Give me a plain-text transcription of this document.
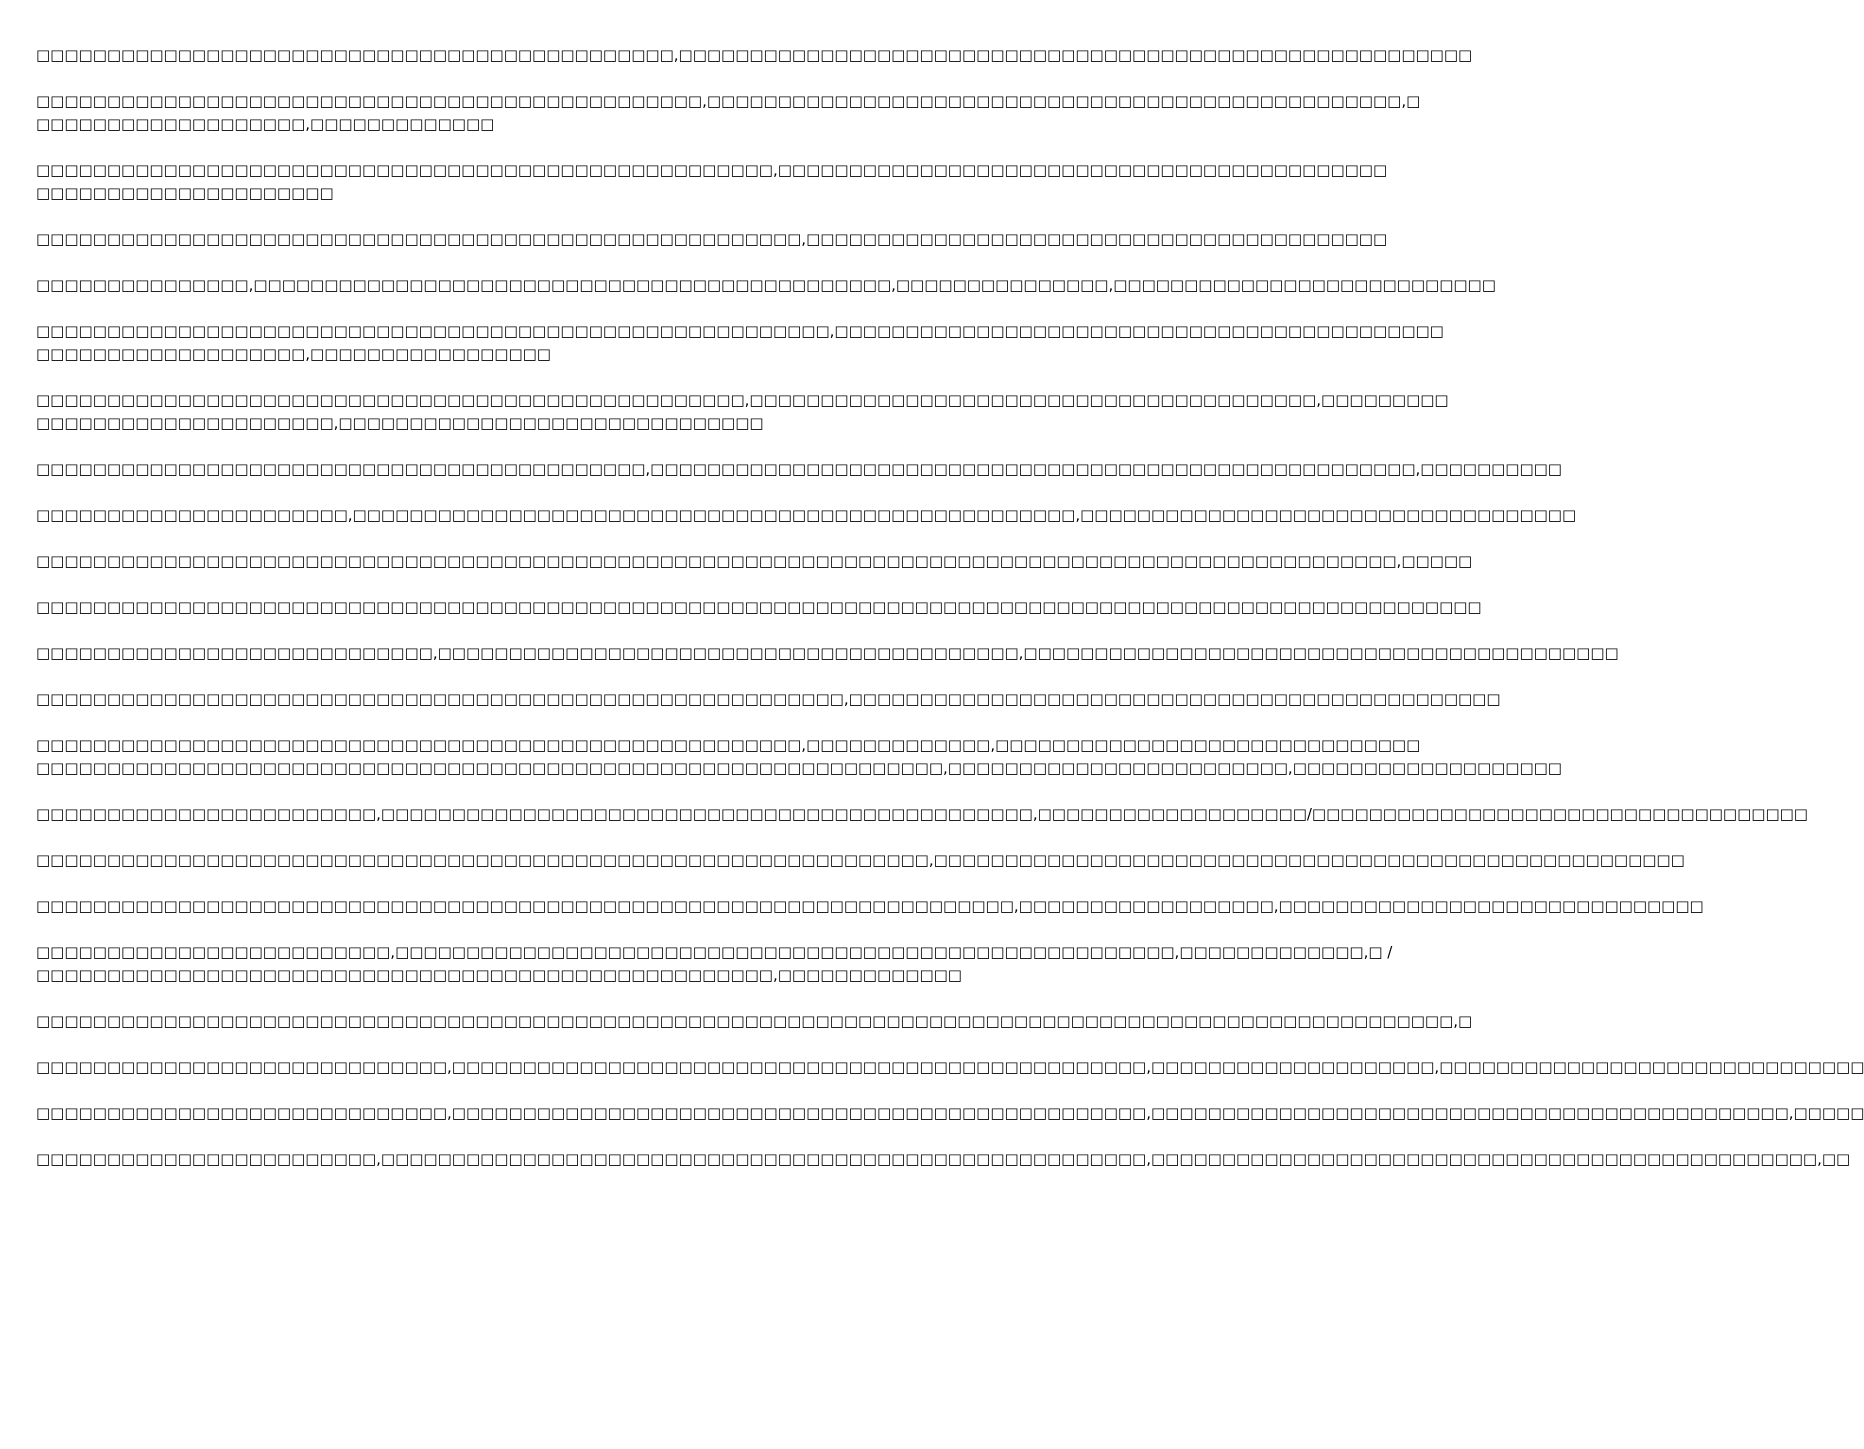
□□□□□□□□□□□□□□□□□□□□□□□□□□□□□□□□□□□□□□□□□□□□□,□□□□□□□□□□□□□□□□□□□□□□□□□□□□□□□□□□□□□□□□□□□□□□□□□□□□□□□□
□□□□□□□□□□□□□□□□□□□□□□□□□□□□□□□□□□□□□□□□□□□□□□□,□□□□□□□□□□□□□□□□□□□□□□□□□□□□□□□□□□□□□□□□□□□□□□□□□,□
□□□□□□□□□□□□□□□□□□□,□□□□□□□□□□□□□
□□□□□□□□□□□□□□□□□□□□□□□□□□□□□□□□□□□□□□□□□□□□□□□□□□□□,□□□□□□□□□□□□□□□□□□□□□□□□□□□□□□□□□□□□□□□□□□□
□□□□□□□□□□□□□□□□□□□□□
□□□□□□□□□□□□□□□□□□□□□□□□□□□□□□□□□□□□□□□□□□□□□□□□□□□□□□,□□□□□□□□□□□□□□□□□□□□□□□□□□□□□□□□□□□□□□□□□
□□□□□□□□□□□□□□□,□□□□□□□□□□□□□□□□□□□□□□□□□□□□□□□□□□□□□□□□□□□□□,□□□□□□□□□□□□□□□,□□□□□□□□□□□□□□□□□□□□□□□□□□□
□□□□□□□□□□□□□□□□□□□□□□□□□□□□□□□□□□□□□□□□□□□□□□□□□□□□□□□□,□□□□□□□□□□□□□□□□□□□□□□□□□□□□□□□□□□□□□□□□□□□
□□□□□□□□□□□□□□□□□□□,□□□□□□□□□□□□□□□□□
□□□□□□□□□□□□□□□□□□□□□□□□□□□□□□□□□□□□□□□□□□□□□□□□□□,□□□□□□□□□□□□□□□□□□□□□□□□□□□□□□□□□□□□□□□□,□□□□□□□□□
□□□□□□□□□□□□□□□□□□□□□,□□□□□□□□□□□□□□□□□□□□□□□□□□□□□□
□□□□□□□□□□□□□□□□□□□□□□□□□□□□□□□□□□□□□□□□□□□,□□□□□□□□□□□□□□□□□□□□□□□□□□□□□□□□□□□□□□□□□□□□□□□□□□□□□□,□□□□□□□□□□
□□□□□□□□□□□□□□□□□□□□□□,□□□□□□□□□□□□□□□□□□□□□□□□□□□□□□□□□□□□□□□□□□□□□□□□□□□,□□□□□□□□□□□□□□□□□□□□□□□□□□□□□□□□□□□
□□□□□□□□□□□□□□□□□□□□□□□□□□□□□□□□□□□□□□□□□□□□□□□□□□□□□□□□□□□□□□□□□□□□□□□□□□□□□□□□□□□□□□□□□□□□□□□□,□□□□□
□□□□□□□□□□□□□□□□□□□□□□□□□□□□□□□□□□□□□□□□□□□□□□□□□□□□□□□□□□□□□□□□□□□□□□□□□□□□□□□□□□□□□□□□□□□□□□□□□□□□□□
□□□□□□□□□□□□□□□□□□□□□□□□□□□□,□□□□□□□□□□□□□□□□□□□□□□□□□□□□□□□□□□□□□□□□□,□□□□□□□□□□□□□□□□□□□□□□□□□□□□□□□□□□□□□□□□□□
□□□□□□□□□□□□□□□□□□□□□□□□□□□□□□□□□□□□□□□□□□□□□□□□□□□□□□□□□,□□□□□□□□□□□□□□□□□□□□□□□□□□□□□□□□□□□□□□□□□□□□□□
□□□□□□□□□□□□□□□□□□□□□□□□□□□□□□□□□□□□□□□□□□□□□□□□□□□□□□,□□□□□□□□□□□□□,□□□□□□□□□□□□□□□□□□□□□□□□□□□□□□
□□□□□□□□□□□□□□□□□□□□□□□□□□□□□□□□□□□□□□□□□□□□□□□□□□□□□□□□□□□□□□□□,□□□□□□□□□□□□□□□□□□□□□□□□,□□□□□□□□□□□□□□□□□□□
□□□□□□□□□□□□□□□□□□□□□□□□,□□□□□□□□□□□□□□□□□□□□□□□□□□□□□□□□□□□□□□□□□□□□□□,□□□□□□□□□□□□□□□□□□□/□□□□□□□□□□□□□□□□□□□□□□□□□□□□□□□□□□□
□□□□□□□□□□□□□□□□□□□□□□□□□□□□□□□□□□□□□□□□□□□□□□□□□□□□□□□□□□□□□□□,□□□□□□□□□□□□□□□□□□□□□□□□□□□□□□□□□□□□□□□□□□□□□□□□□□□□□
□□□□□□□□□□□□□□□□□□□□□□□□□□□□□□□□□□□□□□□□□□□□□□□□□□□□□□□□□□□□□□□□□□□□□,□□□□□□□□□□□□□□□□□□,□□□□□□□□□□□□□□□□□□□□□□□□□□□□□□
□□□□□□□□□□□□□□□□□□□□□□□□□,□□□□□□□□□□□□□□□□□□□□□□□□□□□□□□□□□□□□□□□□□□□□□□□□□□□□□□□,□□□□□□□□□□□□□,□ /
□□□□□□□□□□□□□□□□□□□□□□□□□□□□□□□□□□□□□□□□□□□□□□□□□□□□,□□□□□□□□□□□□□
□□□□□□□□□□□□□□□□□□□□□□□□□□□□□□□□□□□□□□□□□□□□□□□□□□□□□□□□□□□□□□□□□□□□□□□□□□□□□□□□□□□□□□□□□□□□□□□□□□□□,□
□□□□□□□□□□□□□□□□□□□□□□□□□□□□□,□□□□□□□□□□□□□□□□□□□□□□□□□□□□□□□□□□□□□□□□□□□□□□□□□,□□□□□□□□□□□□□□□□□□□□,□□□□□□□□□□□□□□□□□□□□□□□□□□□□□□
□□□□□□□□□□□□□□□□□□□□□□□□□□□□□,□□□□□□□□□□□□□□□□□□□□□□□□□□□□□□□□□□□□□□□□□□□□□□□□□,□□□□□□□□□□□□□□□□□□□□□□□□□□□□□□□□□□□□□□□□□□□□□,□□□□□
□□□□□□□□□□□□□□□□□□□□□□□□,□□□□□□□□□□□□□□□□□□□□□□□□□□□□□□□□□□□□□□□□□□□□□□□□□□□□□□,□□□□□□□□□□□□□□□□□□□□□□□□□□□□□□□□□□□□□□□□□□□□□□□,□□
